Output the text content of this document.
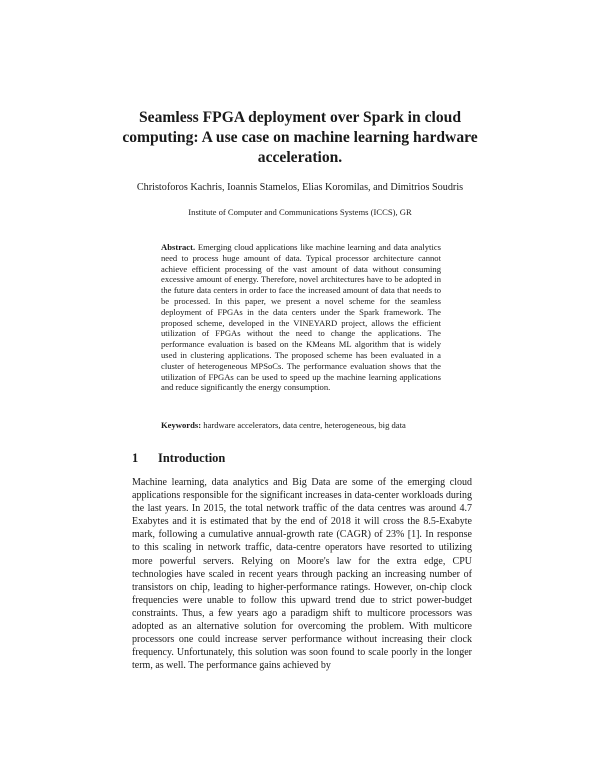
Seamless FPGA deployment over Spark in cloud computing: A use case on machine learning hardware acceleration.
Christoforos Kachris, Ioannis Stamelos, Elias Koromilas, and Dimitrios Soudris
Institute of Computer and Communications Systems (ICCS), GR
Abstract. Emerging cloud applications like machine learning and data analytics need to process huge amount of data. Typical processor architecture cannot achieve efficient processing of the vast amount of data without consuming excessive amount of energy. Therefore, novel architectures have to be adopted in the future data centers in order to face the increased amount of data that needs to be processed. In this paper, we present a novel scheme for the seamless deployment of FPGAs in the data centers under the Spark framework. The proposed scheme, developed in the VINEYARD project, allows the efficient utilization of FPGAs without the need to change the applications. The performance evaluation is based on the KMeans ML algorithm that is widely used in clustering applications. The proposed scheme has been evaluated in a cluster of heterogeneous MPSoCs. The performance evaluation shows that the utilization of FPGAs can be used to speed up the machine learning applications and reduce significantly the energy consumption.
Keywords: hardware accelerators, data centre, heterogeneous, big data
1 Introduction

Machine learning, data analytics and Big Data are some of the emerging cloud applications responsible for the significant increases in data-center workloads during the last years. In 2015, the total network traffic of the data centres was around 4.7 Exabytes and it is estimated that by the end of 2018 it will cross the 8.5-Exabyte mark, following a cumulative annual-growth rate (CAGR) of 23% [1]. In response to this scaling in network traffic, data-centre operators have resorted to utilizing more powerful servers. Relying on Moore's law for the extra edge, CPU technologies have scaled in recent years through packing an increasing number of transistors on chip, leading to higher-performance ratings. However, on-chip clock frequencies were unable to follow this upward trend due to strict power-budget constraints. Thus, a few years ago a paradigm shift to multicore processors was adopted as an alternative solution for overcoming the problem. With multicore processors one could increase server performance without increasing their clock frequency. Unfortunately, this solution was soon found to scale poorly in the longer term, as well. The performance gains achieved by
